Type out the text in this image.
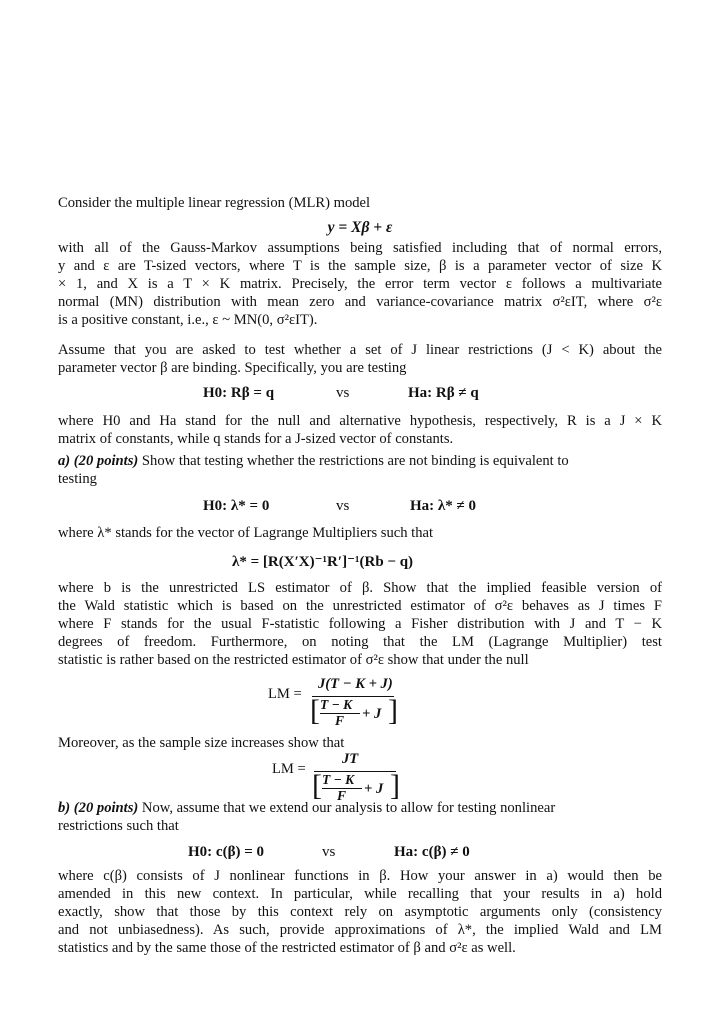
Consider the multiple linear regression (MLR) model
y = Xβ + ε
with all of the Gauss-Markov assumptions being satisfied including that of normal errors,
y and ε are T-sized vectors, where T is the sample size, β is a parameter vector of size K
× 1, and X is a T × K matrix. Precisely, the error term vector ε follows a multivariate
normal (MN) distribution with mean zero and variance-covariance matrix σ²εIT, where σ²ε
is a positive constant, i.e., ε ~ MN(0, σ²εIT).
Assume that you are asked to test whether a set of J linear restrictions (J < K) about the
parameter vector β are binding. Specifically, you are testing
H0: Rβ = q	vs	Ha: Rβ ≠ q
where H0 and Ha stand for the null and alternative hypothesis, respectively, R is a J × K
matrix of constants, while q stands for a J-sized vector of constants.
a) (20 points) Show that testing whether the restrictions are not binding is equivalent to
testing
H0: λ* = 0	vs	Ha: λ* ≠ 0
where λ* stands for the vector of Lagrange Multipliers such that
λ* = [R(X′X)⁻¹R′]⁻¹(Rb − q)
where b is the unrestricted LS estimator of β. Show that the implied feasible version of
the Wald statistic which is based on the unrestricted estimator of σ²ε behaves as J times F
where F stands for the usual F-statistic following a Fisher distribution with J and T − K
degrees of freedom. Furthermore, on noting that the LM (Lagrange Multiplier) test
statistic is rather based on the restricted estimator of σ²ε show that under the null
LM =
J(T − K + J)
[ T − K
F + J ]
Moreover, as the sample size increases show that
LM =
JT
[ T − K
F + J ]
b) (20 points) Now, assume that we extend our analysis to allow for testing nonlinear
restrictions such that
H0: c(β) = 0	vs	Ha: c(β) ≠ 0
where c(β) consists of J nonlinear functions in β. How your answer in a) would then be
amended in this new context. In particular, while recalling that your results in a) hold
exactly, show that those by this context rely on asymptotic arguments only (consistency
and not unbiasedness). As such, provide approximations of λ*, the implied Wald and LM
statistics and by the same those of the restricted estimator of β and σ²ε as well.
